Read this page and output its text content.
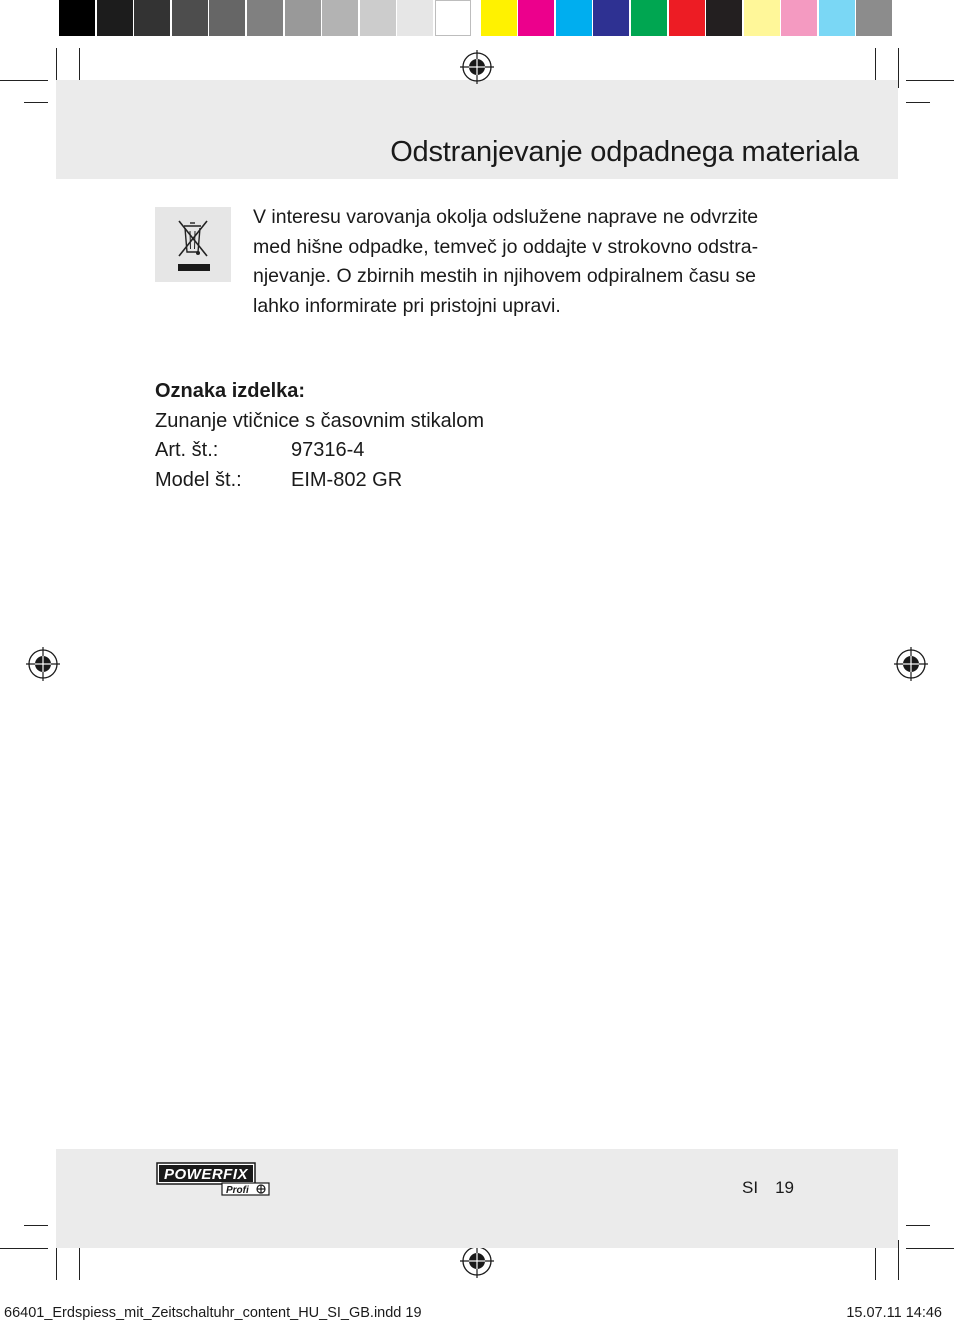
Odstranjevanje odpadnega materiala
V interesu varovanja okolja odslužene naprave ne odvrzite
med hišne odpadke, temveč jo oddajte v strokovno odstra-
njevanje. O zbirnih mestih in njihovem odpiralnem času se
lahko informirate pri pristojni upravi.
Oznaka izdelka:
Zunanje vtičnice s časovnim stikalom
Art. št.:	97316-4
Model št.:	EIM-802 GR
POWERFIX
Profi	SI 19
66401_Erdspiess_mit_Zeitschaltuhr_content_HU_SI_GB.indd 19	15.07.11 14:46
